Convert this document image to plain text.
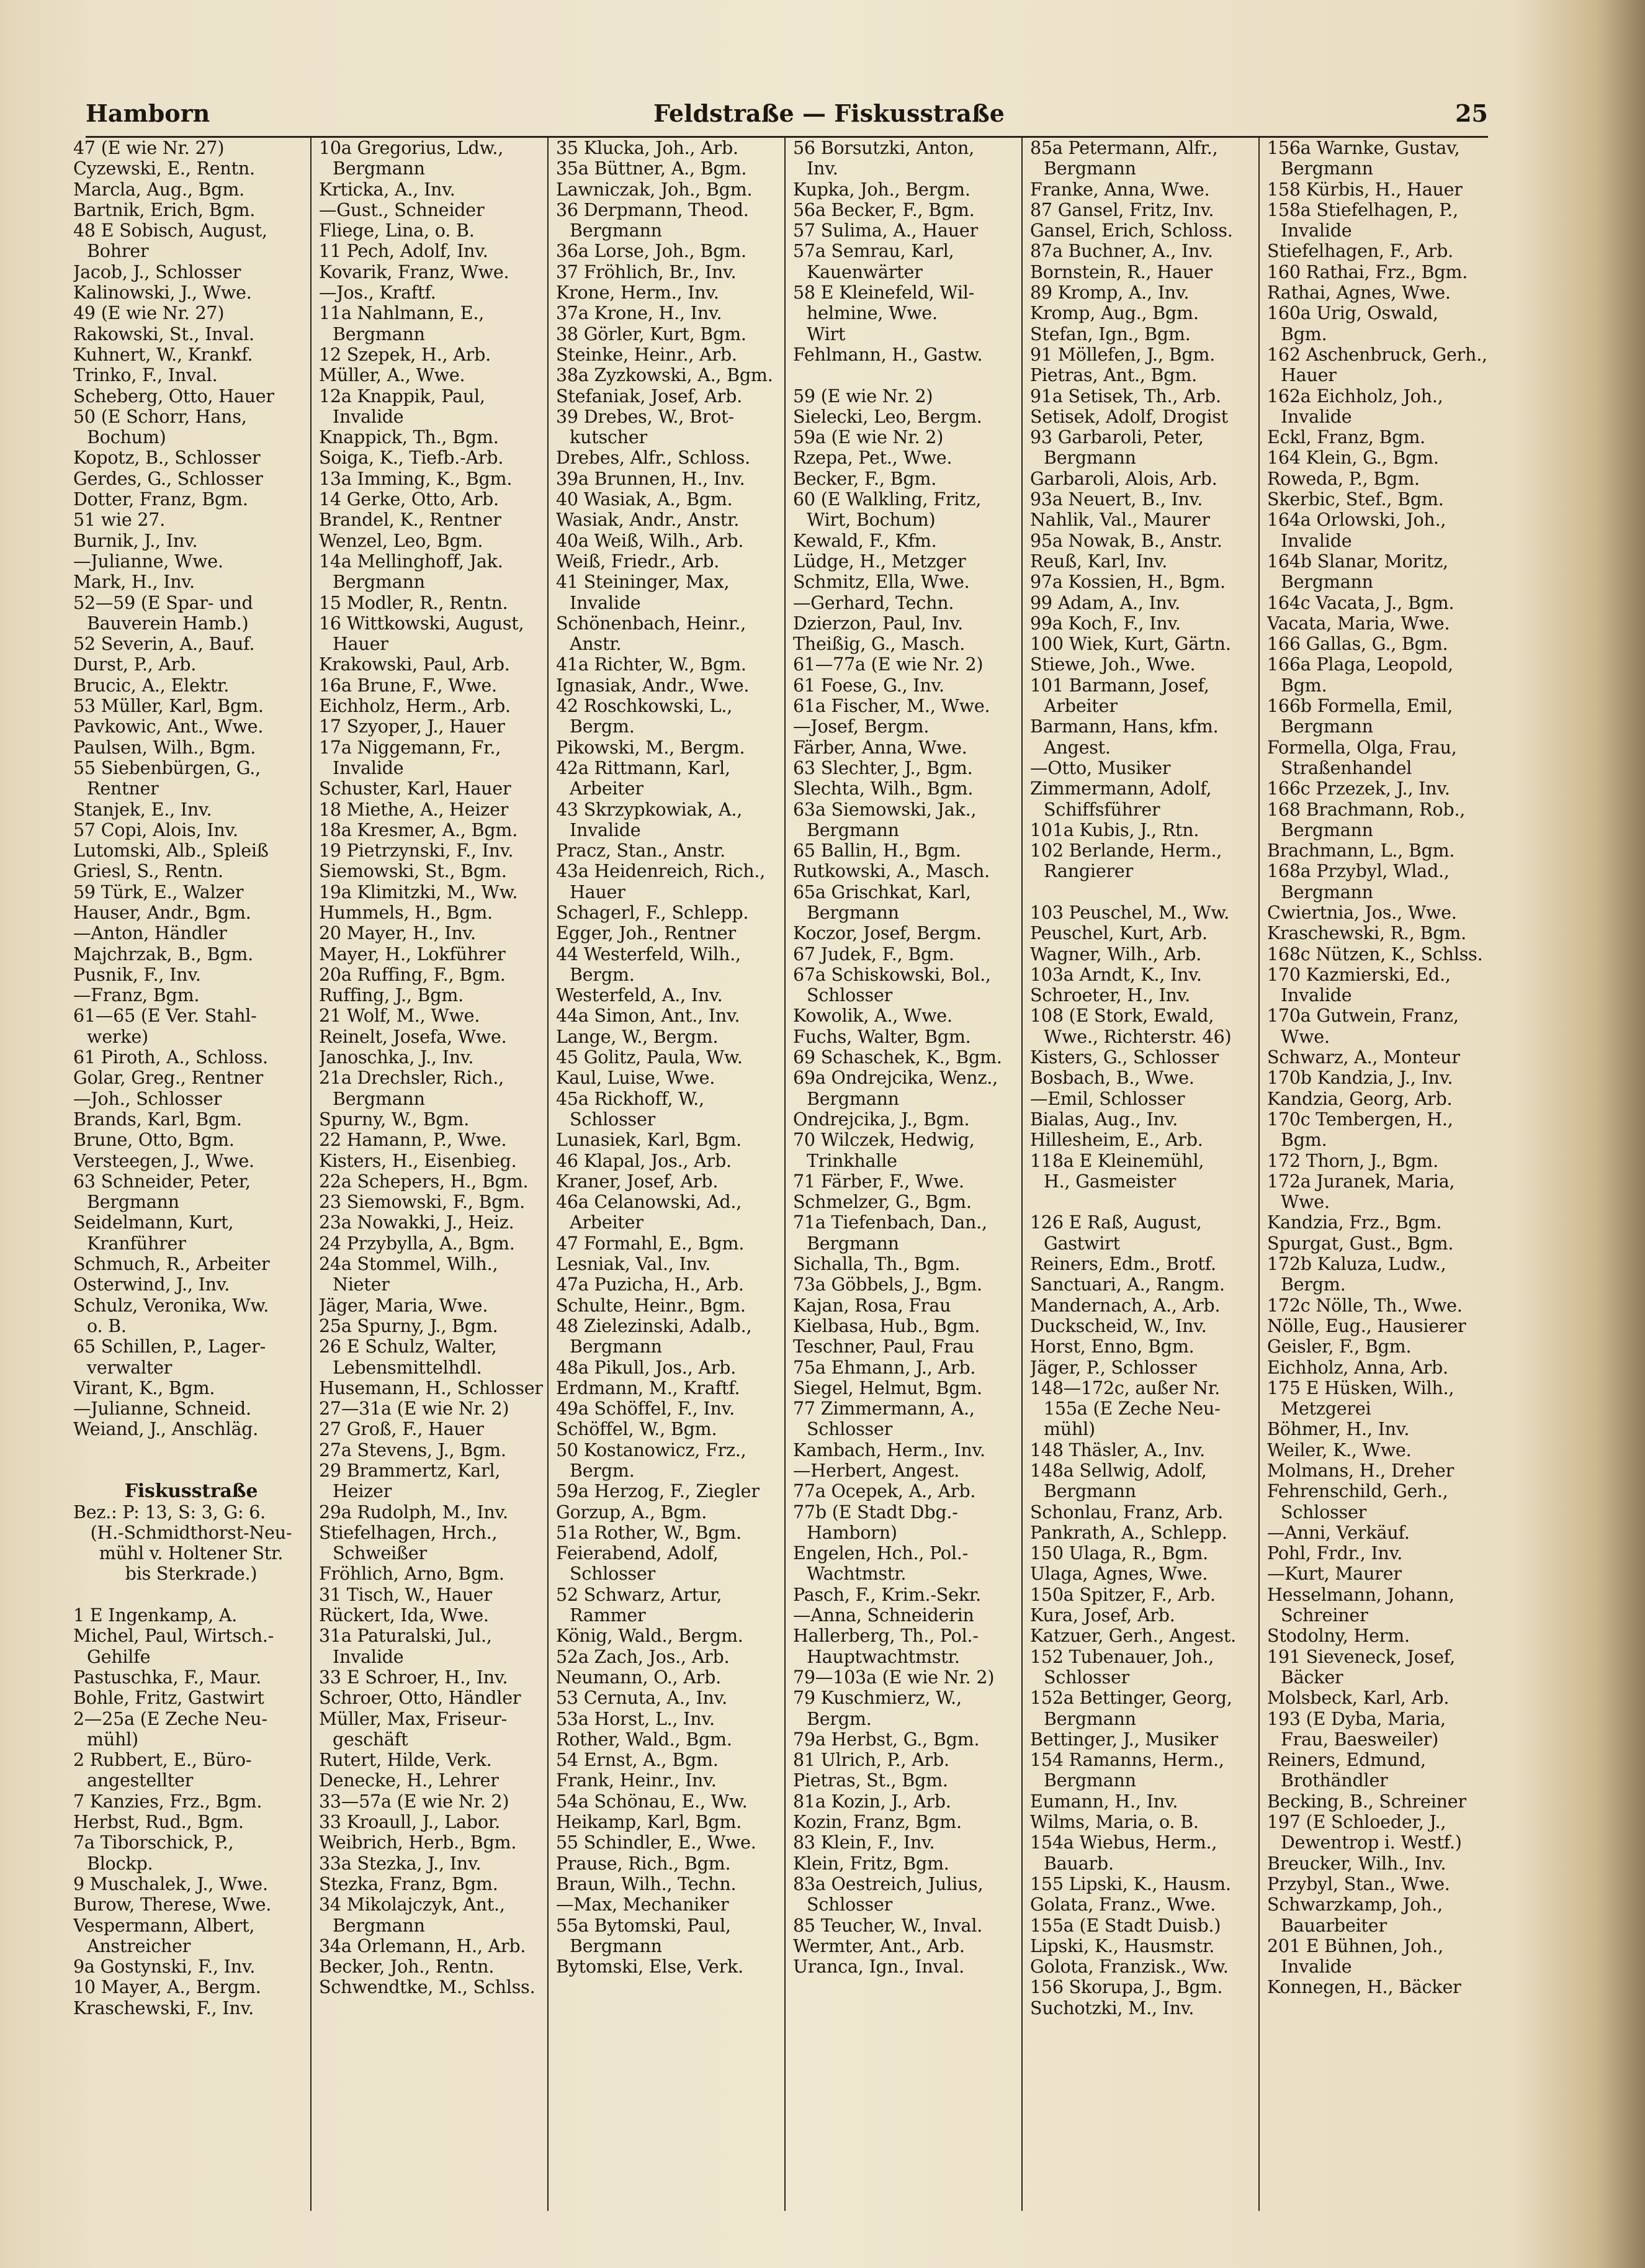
Hamborn	Feldstraße — Fiskusstraße	25
47 (E wie Nr. 27)
Cyzewski, E., Rentn.
Marcla, Aug., Bgm.
Bartnik, Erich, Bgm.
48 E Sobisch, August,
Bohrer
Jacob, J., Schlosser
Kalinowski, J., Wwe.
49 (E wie Nr. 27)
Rakowski, St., Inval.
Kuhnert, W., Krankf.
Trinko, F., Inval.
Scheberg, Otto, Hauer
50 (E Schorr, Hans,
Bochum)
Kopotz, B., Schlosser
Gerdes, G., Schlosser
Dotter, Franz, Bgm.
51 wie 27.
Burnik, J., Inv.
—Julianne, Wwe.
Mark, H., Inv.
52—59 (E Spar- und
Bauverein Hamb.)
52 Severin, A., Bauf.
Durst, P., Arb.
Brucic, A., Elektr.
53 Müller, Karl, Bgm.
Pavkowic, Ant., Wwe.
Paulsen, Wilh., Bgm.
55 Siebenbürgen, G.,
Rentner
Stanjek, E., Inv.
57 Copi, Alois, Inv.
Lutomski, Alb., Spleiß
Griesl, S., Rentn.
59 Türk, E., Walzer
Hauser, Andr., Bgm.
—Anton, Händler
Majchrzak, B., Bgm.
Pusnik, F., Inv.
—Franz, Bgm.
61—65 (E Ver. Stahl-
werke)
61 Piroth, A., Schloss.
Golar, Greg., Rentner
—Joh., Schlosser
Brands, Karl, Bgm.
Brune, Otto, Bgm.
Versteegen, J., Wwe.
63 Schneider, Peter,
Bergmann
Seidelmann, Kurt,
Kranführer
Schmuch, R., Arbeiter
Osterwind, J., Inv.
Schulz, Veronika, Ww.
o. B.
65 Schillen, P., Lager-
verwalter
Virant, K., Bgm.
—Julianne, Schneid.
Weiand, J., Anschläg.
Fiskusstraße
Bez.: P: 13, S: 3, G: 6.
(H.-Schmidthorst-Neu-
mühl v. Holtener Str.
bis Sterkrade.)
1 E Ingenkamp, A.
Michel, Paul, Wirtsch.-
Gehilfe
Pastuschka, F., Maur.
Bohle, Fritz, Gastwirt
2—25a (E Zeche Neu-
mühl)
2 Rubbert, E., Büro-
angestellter
7 Kanzies, Frz., Bgm.
Herbst, Rud., Bgm.
7a Tiborschick, P.,
Blockp.
9 Muschalek, J., Wwe.
Burow, Therese, Wwe.
Vespermann, Albert,
Anstreicher
9a Gostynski, F., Inv.
10 Mayer, A., Bergm.
Kraschewski, F., Inv.
10a Gregorius, Ldw.,
Bergmann
Krticka, A., Inv.
—Gust., Schneider
Fliege, Lina, o. B.
11 Pech, Adolf, Inv.
Kovarik, Franz, Wwe.
—Jos., Kraftf.
11a Nahlmann, E.,
Bergmann
12 Szepek, H., Arb.
Müller, A., Wwe.
12a Knappik, Paul,
Invalide
Knappick, Th., Bgm.
Soiga, K., Tiefb.-Arb.
13a Imming, K., Bgm.
14 Gerke, Otto, Arb.
Brandel, K., Rentner
Wenzel, Leo, Bgm.
14a Mellinghoff, Jak.
Bergmann
15 Modler, R., Rentn.
16 Wittkowski, August,
Hauer
Krakowski, Paul, Arb.
16a Brune, F., Wwe.
Eichholz, Herm., Arb.
17 Szyoper, J., Hauer
17a Niggemann, Fr.,
Invalide
Schuster, Karl, Hauer
18 Miethe, A., Heizer
18a Kresmer, A., Bgm.
19 Pietrzynski, F., Inv.
Siemowski, St., Bgm.
19a Klimitzki, M., Ww.
Hummels, H., Bgm.
20 Mayer, H., Inv.
Mayer, H., Lokführer
20a Ruffing, F., Bgm.
Ruffing, J., Bgm.
21 Wolf, M., Wwe.
Reinelt, Josefa, Wwe.
Janoschka, J., Inv.
21a Drechsler, Rich.,
Bergmann
Spurny, W., Bgm.
22 Hamann, P., Wwe.
Kisters, H., Eisenbieg.
22a Schepers, H., Bgm.
23 Siemowski, F., Bgm.
23a Nowakki, J., Heiz.
24 Przybylla, A., Bgm.
24a Stommel, Wilh.,
Nieter
Jäger, Maria, Wwe.
25a Spurny, J., Bgm.
26 E Schulz, Walter,
Lebensmittelhdl.
Husemann, H., Schlosser
27—31a (E wie Nr. 2)
27 Groß, F., Hauer
27a Stevens, J., Bgm.
29 Brammertz, Karl,
Heizer
29a Rudolph, M., Inv.
Stiefelhagen, Hrch.,
Schweißer
Fröhlich, Arno, Bgm.
31 Tisch, W., Hauer
Rückert, Ida, Wwe.
31a Paturalski, Jul.,
Invalide
33 E Schroer, H., Inv.
Schroer, Otto, Händler
Müller, Max, Friseur-
geschäft
Rutert, Hilde, Verk.
Denecke, H., Lehrer
33—57a (E wie Nr. 2)
33 Kroaull, J., Labor.
Weibrich, Herb., Bgm.
33a Stezka, J., Inv.
Stezka, Franz, Bgm.
34 Mikolajczyk, Ant.,
Bergmann
34a Orlemann, H., Arb.
Becker, Joh., Rentn.
Schwendtke, M., Schlss.
35 Klucka, Joh., Arb.
35a Büttner, A., Bgm.
Lawniczak, Joh., Bgm.
36 Derpmann, Theod.
Bergmann
36a Lorse, Joh., Bgm.
37 Fröhlich, Br., Inv.
Krone, Herm., Inv.
37a Krone, H., Inv.
38 Görler, Kurt, Bgm.
Steinke, Heinr., Arb.
38a Zyzkowski, A., Bgm.
Stefaniak, Josef, Arb.
39 Drebes, W., Brot-
kutscher
Drebes, Alfr., Schloss.
39a Brunnen, H., Inv.
40 Wasiak, A., Bgm.
Wasiak, Andr., Anstr.
40a Weiß, Wilh., Arb.
Weiß, Friedr., Arb.
41 Steininger, Max,
Invalide
Schönenbach, Heinr.,
Anstr.
41a Richter, W., Bgm.
Ignasiak, Andr., Wwe.
42 Roschkowski, L.,
Bergm.
Pikowski, M., Bergm.
42a Rittmann, Karl,
Arbeiter
43 Skrzypkowiak, A.,
Invalide
Pracz, Stan., Anstr.
43a Heidenreich, Rich.,
Hauer
Schagerl, F., Schlepp.
Egger, Joh., Rentner
44 Westerfeld, Wilh.,
Bergm.
Westerfeld, A., Inv.
44a Simon, Ant., Inv.
Lange, W., Bergm.
45 Golitz, Paula, Ww.
Kaul, Luise, Wwe.
45a Rickhoff, W.,
Schlosser
Lunasiek, Karl, Bgm.
46 Klapal, Jos., Arb.
Kraner, Josef, Arb.
46a Celanowski, Ad.,
Arbeiter
47 Formahl, E., Bgm.
Lesniak, Val., Inv.
47a Puzicha, H., Arb.
Schulte, Heinr., Bgm.
48 Zielezinski, Adalb.,
Bergmann
48a Pikull, Jos., Arb.
Erdmann, M., Kraftf.
49a Schöffel, F., Inv.
Schöffel, W., Bgm.
50 Kostanowicz, Frz.,
Bergm.
59a Herzog, F., Ziegler
Gorzup, A., Bgm.
51a Rother, W., Bgm.
Feierabend, Adolf,
Schlosser
52 Schwarz, Artur,
Rammer
König, Wald., Bergm.
52a Zach, Jos., Arb.
Neumann, O., Arb.
53 Cernuta, A., Inv.
53a Horst, L., Inv.
Rother, Wald., Bgm.
54 Ernst, A., Bgm.
Frank, Heinr., Inv.
54a Schönau, E., Ww.
Heikamp, Karl, Bgm.
55 Schindler, E., Wwe.
Prause, Rich., Bgm.
Braun, Wilh., Techn.
—Max, Mechaniker
55a Bytomski, Paul,
Bergmann
Bytomski, Else, Verk.
56 Borsutzki, Anton,
Inv.
Kupka, Joh., Bergm.
56a Becker, F., Bgm.
57 Sulima, A., Hauer
57a Semrau, Karl,
Kauenwärter
58 E Kleinefeld, Wil-
helmine, Wwe.
Wirt
Fehlmann, H., Gastw.
59 (E wie Nr. 2)
Sielecki, Leo, Bergm.
59a (E wie Nr. 2)
Rzepa, Pet., Wwe.
Becker, F., Bgm.
60 (E Walkling, Fritz,
Wirt, Bochum)
Kewald, F., Kfm.
Lüdge, H., Metzger
Schmitz, Ella, Wwe.
—Gerhard, Techn.
Dzierzon, Paul, Inv.
Theißig, G., Masch.
61—77a (E wie Nr. 2)
61 Foese, G., Inv.
61a Fischer, M., Wwe.
—Josef, Bergm.
Färber, Anna, Wwe.
63 Slechter, J., Bgm.
Slechta, Wilh., Bgm.
63a Siemowski, Jak.,
Bergmann
65 Ballin, H., Bgm.
Rutkowski, A., Masch.
65a Grischkat, Karl,
Bergmann
Koczor, Josef, Bergm.
67 Judek, F., Bgm.
67a Schiskowski, Bol.,
Schlosser
Kowolik, A., Wwe.
Fuchs, Walter, Bgm.
69 Schaschek, K., Bgm.
69a Ondrejcika, Wenz.,
Bergmann
Ondrejcika, J., Bgm.
70 Wilczek, Hedwig,
Trinkhalle
71 Färber, F., Wwe.
Schmelzer, G., Bgm.
71a Tiefenbach, Dan.,
Bergmann
Sichalla, Th., Bgm.
73a Göbbels, J., Bgm.
Kajan, Rosa, Frau
Kielbasa, Hub., Bgm.
Teschner, Paul, Frau
75a Ehmann, J., Arb.
Siegel, Helmut, Bgm.
77 Zimmermann, A.,
Schlosser
Kambach, Herm., Inv.
—Herbert, Angest.
77a Ocepek, A., Arb.
77b (E Stadt Dbg.-
Hamborn)
Engelen, Hch., Pol.-
Wachtmstr.
Pasch, F., Krim.-Sekr.
—Anna, Schneiderin
Hallerberg, Th., Pol.-
Hauptwachtmstr.
79—103a (E wie Nr. 2)
79 Kuschmierz, W.,
Bergm.
79a Herbst, G., Bgm.
81 Ulrich, P., Arb.
Pietras, St., Bgm.
81a Kozin, J., Arb.
Kozin, Franz, Bgm.
83 Klein, F., Inv.
Klein, Fritz, Bgm.
83a Oestreich, Julius,
Schlosser
85 Teucher, W., Inval.
Wermter, Ant., Arb.
Uranca, Ign., Inval.
85a Petermann, Alfr.,
Bergmann
Franke, Anna, Wwe.
87 Gansel, Fritz, Inv.
Gansel, Erich, Schloss.
87a Buchner, A., Inv.
Bornstein, R., Hauer
89 Kromp, A., Inv.
Kromp, Aug., Bgm.
Stefan, Ign., Bgm.
91 Möllefen, J., Bgm.
Pietras, Ant., Bgm.
91a Setisek, Th., Arb.
Setisek, Adolf, Drogist
93 Garbaroli, Peter,
Bergmann
Garbaroli, Alois, Arb.
93a Neuert, B., Inv.
Nahlik, Val., Maurer
95a Nowak, B., Anstr.
Reuß, Karl, Inv.
97a Kossien, H., Bgm.
99 Adam, A., Inv.
99a Koch, F., Inv.
100 Wiek, Kurt, Gärtn.
Stiewe, Joh., Wwe.
101 Barmann, Josef,
Arbeiter
Barmann, Hans, kfm.
Angest.
—Otto, Musiker
Zimmermann, Adolf,
Schiffsführer
101a Kubis, J., Rtn.
102 Berlande, Herm.,
Rangierer
103 Peuschel, M., Ww.
Peuschel, Kurt, Arb.
Wagner, Wilh., Arb.
103a Arndt, K., Inv.
Schroeter, H., Inv.
108 (E Stork, Ewald,
Wwe., Richterstr. 46)
Kisters, G., Schlosser
Bosbach, B., Wwe.
—Emil, Schlosser
Bialas, Aug., Inv.
Hillesheim, E., Arb.
118a E Kleinemühl,
H., Gasmeister
126 E Raß, August,
Gastwirt
Reiners, Edm., Brotf.
Sanctuari, A., Rangm.
Mandernach, A., Arb.
Duckscheid, W., Inv.
Horst, Enno, Bgm.
Jäger, P., Schlosser
148—172c, außer Nr.
155a (E Zeche Neu-
mühl)
148 Thäsler, A., Inv.
148a Sellwig, Adolf,
Bergmann
Schonlau, Franz, Arb.
Pankrath, A., Schlepp.
150 Ulaga, R., Bgm.
Ulaga, Agnes, Wwe.
150a Spitzer, F., Arb.
Kura, Josef, Arb.
Katzuer, Gerh., Angest.
152 Tubenauer, Joh.,
Schlosser
152a Bettinger, Georg,
Bergmann
Bettinger, J., Musiker
154 Ramanns, Herm.,
Bergmann
Eumann, H., Inv.
Wilms, Maria, o. B.
154a Wiebus, Herm.,
Bauarb.
155 Lipski, K., Hausm.
Golata, Franz., Wwe.
155a (E Stadt Duisb.)
Lipski, K., Hausmstr.
Golota, Franzisk., Ww.
156 Skorupa, J., Bgm.
Suchotzki, M., Inv.
156a Warnke, Gustav,
Bergmann
158 Kürbis, H., Hauer
158a Stiefelhagen, P.,
Invalide
Stiefelhagen, F., Arb.
160 Rathai, Frz., Bgm.
Rathai, Agnes, Wwe.
160a Urig, Oswald,
Bgm.
162 Aschenbruck, Gerh.,
Hauer
162a Eichholz, Joh.,
Invalide
Eckl, Franz, Bgm.
164 Klein, G., Bgm.
Roweda, P., Bgm.
Skerbic, Stef., Bgm.
164a Orlowski, Joh.,
Invalide
164b Slanar, Moritz,
Bergmann
164c Vacata, J., Bgm.
Vacata, Maria, Wwe.
166 Gallas, G., Bgm.
166a Plaga, Leopold,
Bgm.
166b Formella, Emil,
Bergmann
Formella, Olga, Frau,
Straßenhandel
166c Przezek, J., Inv.
168 Brachmann, Rob.,
Bergmann
Brachmann, L., Bgm.
168a Przybyl, Wlad.,
Bergmann
Cwiertnia, Jos., Wwe.
Kraschewski, R., Bgm.
168c Nützen, K., Schlss.
170 Kazmierski, Ed.,
Invalide
170a Gutwein, Franz,
Wwe.
Schwarz, A., Monteur
170b Kandzia, J., Inv.
Kandzia, Georg, Arb.
170c Tembergen, H.,
Bgm.
172 Thorn, J., Bgm.
172a Juranek, Maria,
Wwe.
Kandzia, Frz., Bgm.
Spurgat, Gust., Bgm.
172b Kaluza, Ludw.,
Bergm.
172c Nölle, Th., Wwe.
Nölle, Eug., Hausierer
Geisler, F., Bgm.
Eichholz, Anna, Arb.
175 E Hüsken, Wilh.,
Metzgerei
Böhmer, H., Inv.
Weiler, K., Wwe.
Molmans, H., Dreher
Fehrenschild, Gerh.,
Schlosser
—Anni, Verkäuf.
Pohl, Frdr., Inv.
—Kurt, Maurer
Hesselmann, Johann,
Schreiner
Stodolny, Herm.
191 Sieveneck, Josef,
Bäcker
Molsbeck, Karl, Arb.
193 (E Dyba, Maria,
Frau, Baesweiler)
Reiners, Edmund,
Brothändler
Becking, B., Schreiner
197 (E Schloeder, J.,
Dewentrop i. Westf.)
Breucker, Wilh., Inv.
Przybyl, Stan., Wwe.
Schwarzkamp, Joh.,
Bauarbeiter
201 E Bühnen, Joh.,
Invalide
Konnegen, H., Bäcker
